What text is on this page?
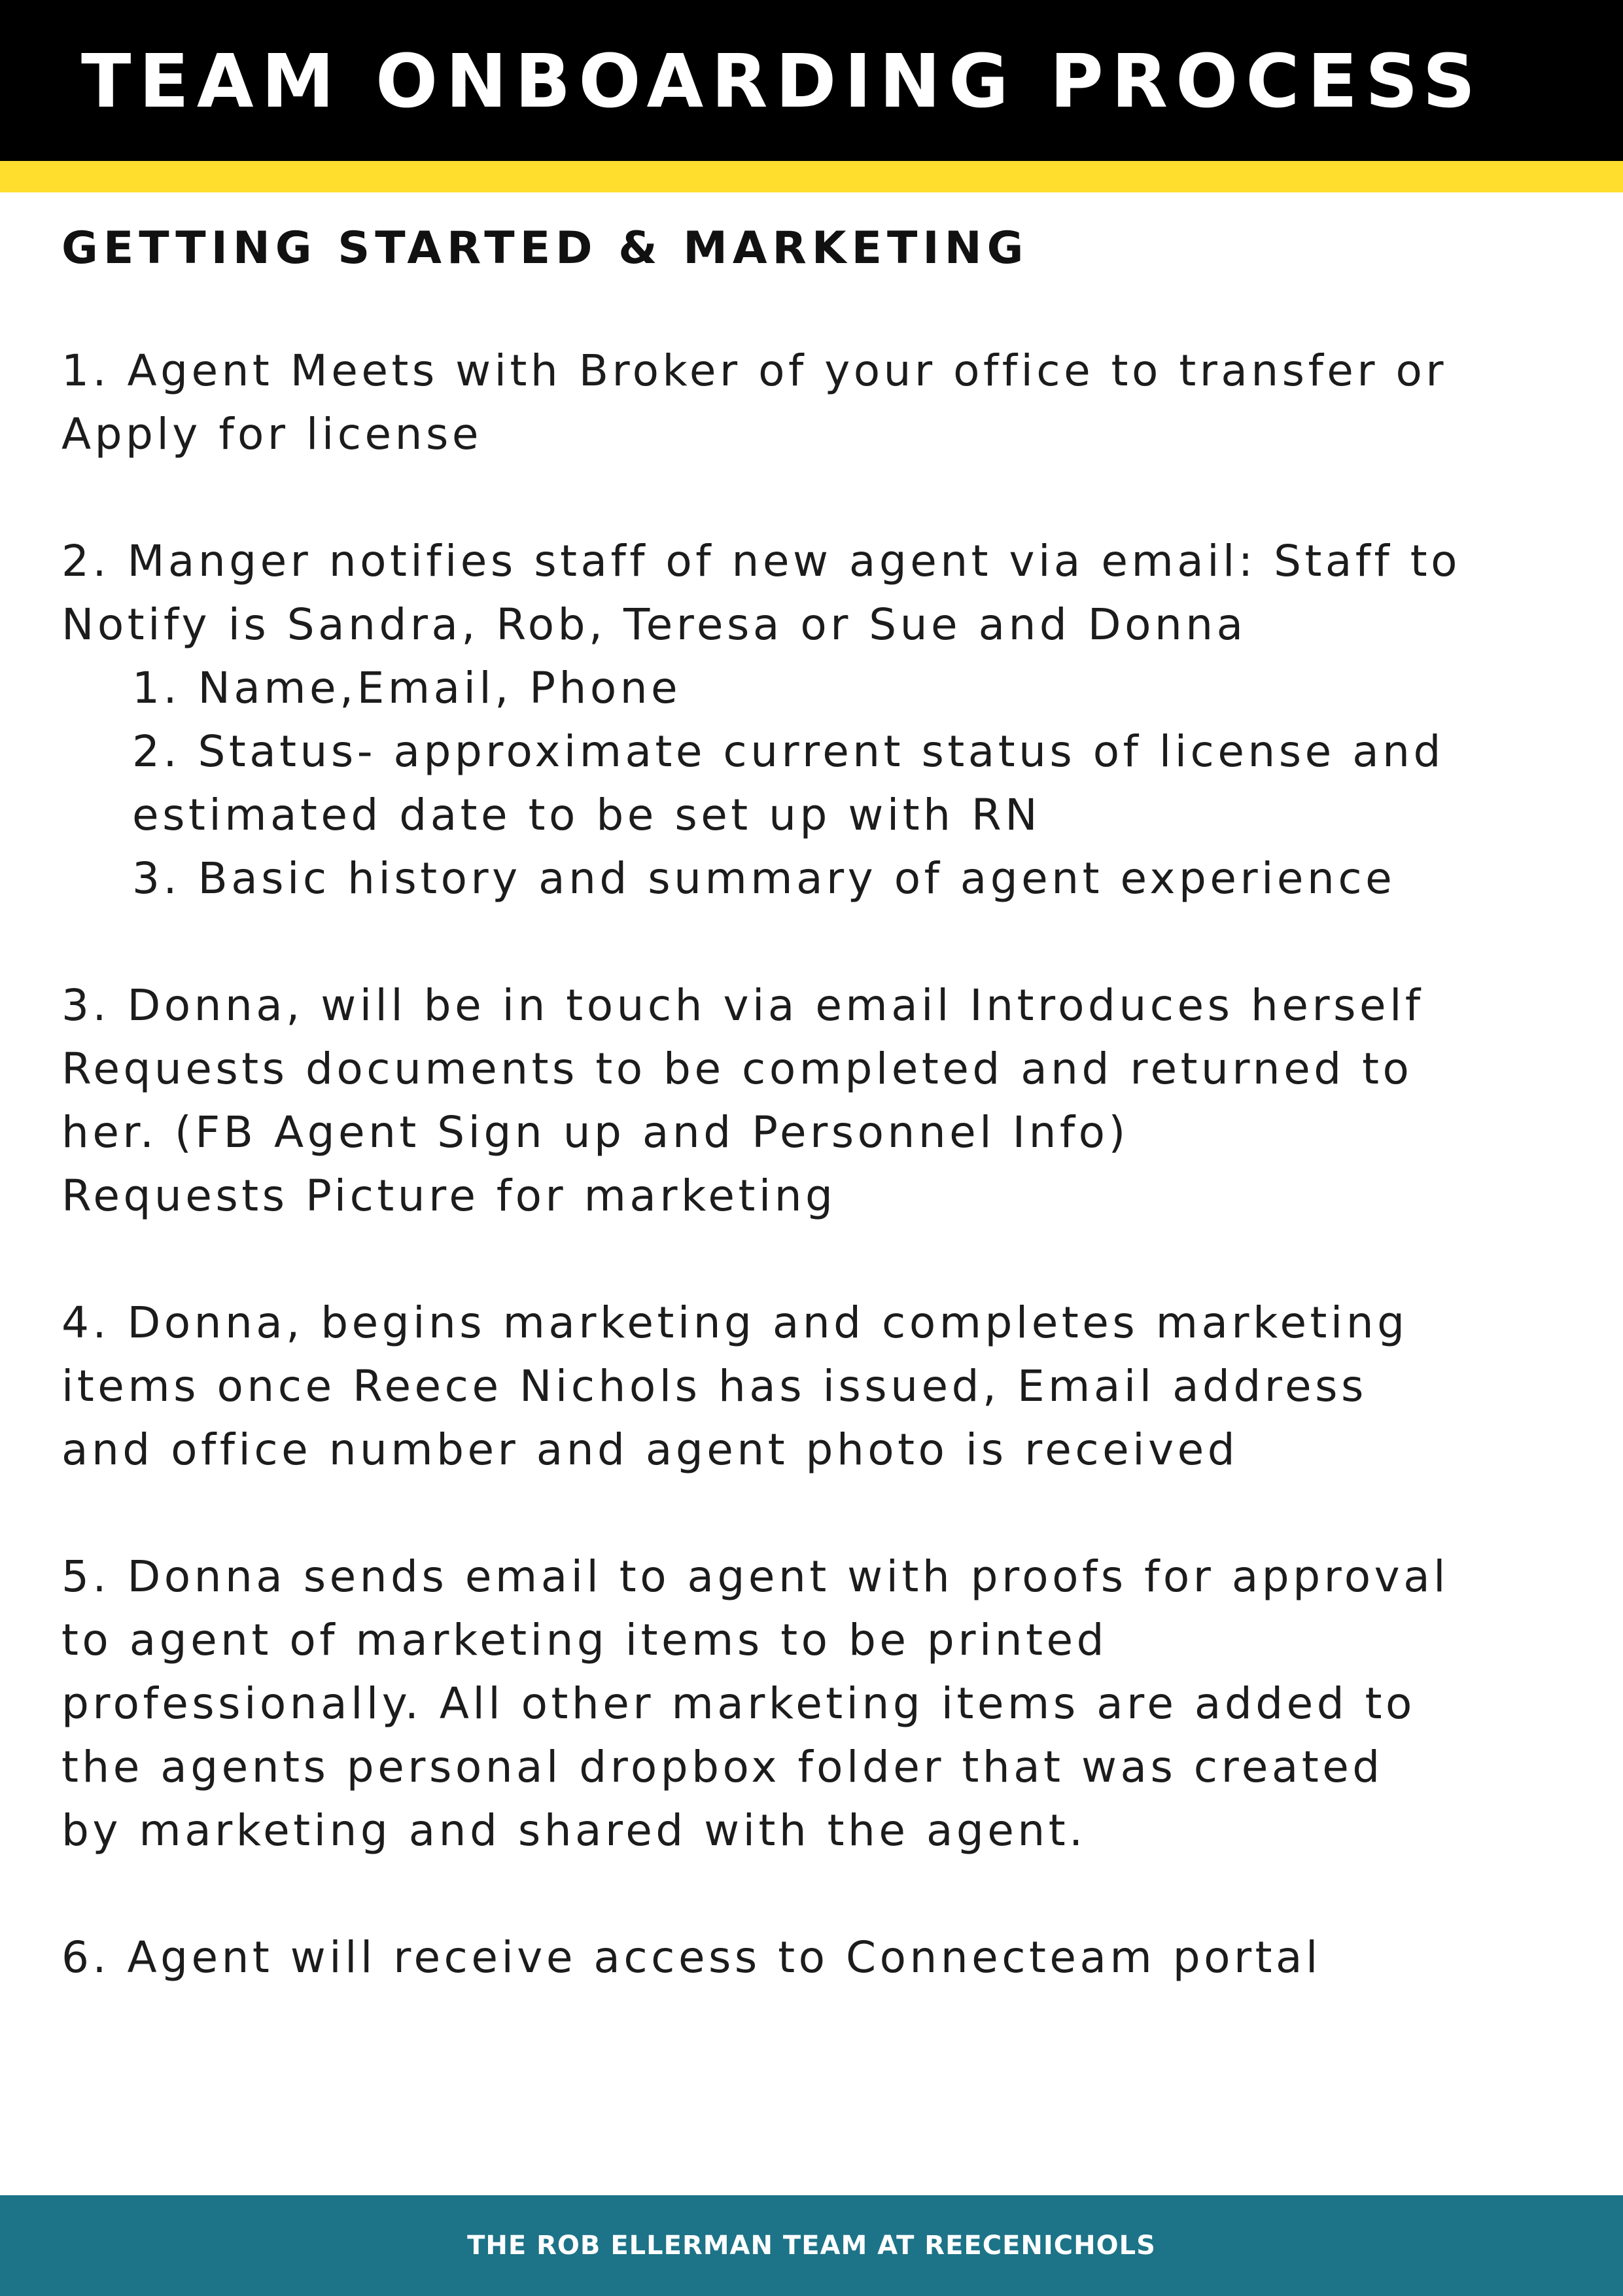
TEAM ONBOARDING PROCESS
GETTING STARTED & MARKETING

1. Agent Meets with Broker of your office to transfer or
Apply for license

2. Manger notifies staff of new agent via email: Staff to
Notify is Sandra, Rob, Teresa or Sue and Donna

1. Name,Email, Phone

2. Status- approximate current status of license and estimated date to be set up with RN

3. Basic history and summary of agent experience

3. Donna, will be in touch via email Introduces herself
Requests documents to be completed and returned to
her. (FB Agent Sign up and Personnel Info)
Requests Picture for marketing

4. Donna, begins marketing and completes marketing
items once Reece Nichols has issued, Email address
and office number and agent photo is received

5. Donna sends email to agent with proofs for approval
to agent of marketing items to be printed
professionally. All other marketing items are added to
the agents personal dropbox folder that was created
by marketing and shared with the agent.

6. Agent will receive access to Connecteam portal

THE ROB ELLERMAN TEAM AT REECENICHOLS
